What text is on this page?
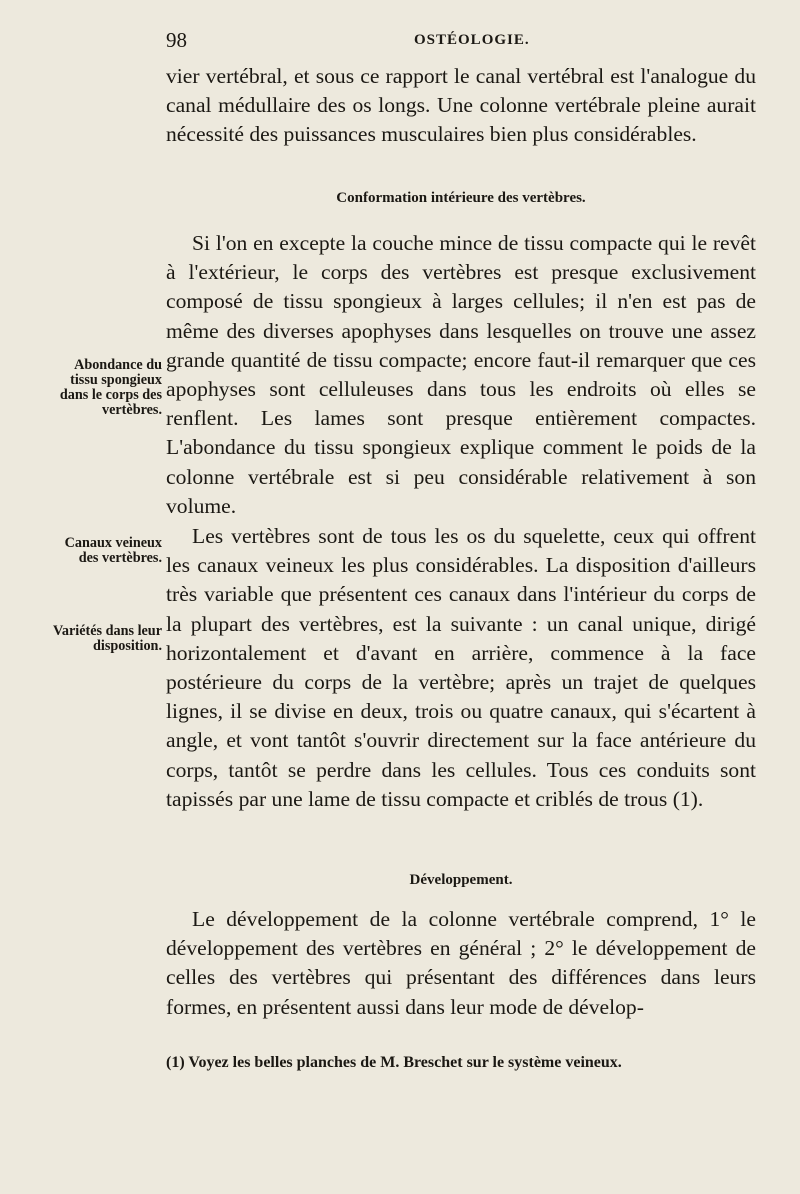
98	OSTÉOLOGIE.

vier vertébral, et sous ce rapport le canal vertébral est l'analogue du canal médullaire des os longs. Une colonne vertébrale pleine aurait nécessité des puissances musculaires bien plus considérables.

Conformation intérieure des vertèbres.

Si l'on en excepte la couche mince de tissu compacte qui le revêt à l'extérieur, le corps des vertèbres est presque exclusivement composé de tissu spongieux à larges cellules; il n'en est pas de même des diverses apophyses dans lesquelles on trouve une assez grande quantité de tissu compacte; encore faut-il remarquer que ces apophyses sont celluleuses dans tous les endroits où elles se renflent. Les lames sont presque entièrement compactes. L'abondance du tissu spongieux explique comment le poids de la colonne vertébrale est si peu considérable relativement à son volume.

Les vertèbres sont de tous les os du squelette, ceux qui offrent les canaux veineux les plus considérables. La disposition d'ailleurs très variable que présentent ces canaux dans l'intérieur du corps de la plupart des vertèbres, est la suivante : un canal unique, dirigé horizontalement et d'avant en arrière, commence à la face postérieure du corps de la vertèbre; après un trajet de quelques lignes, il se divise en deux, trois ou quatre canaux, qui s'écartent à angle, et vont tantôt s'ouvrir directement sur la face antérieure du corps, tantôt se perdre dans les cellules. Tous ces conduits sont tapissés par une lame de tissu compacte et criblés de trous (1).

Développement.

Le développement de la colonne vertébrale comprend, 1° le développement des vertèbres en général ; 2° le développement de celles des vertèbres qui présentant des différences dans leurs formes, en présentent aussi dans leur mode de dévelop-

Abondance du tissu spongieux dans le corps des vertèbres.
Canaux veineux des vertèbres.
Variétés dans leur disposition.
(1) Voyez les belles planches de M. Breschet sur le système veineux.
